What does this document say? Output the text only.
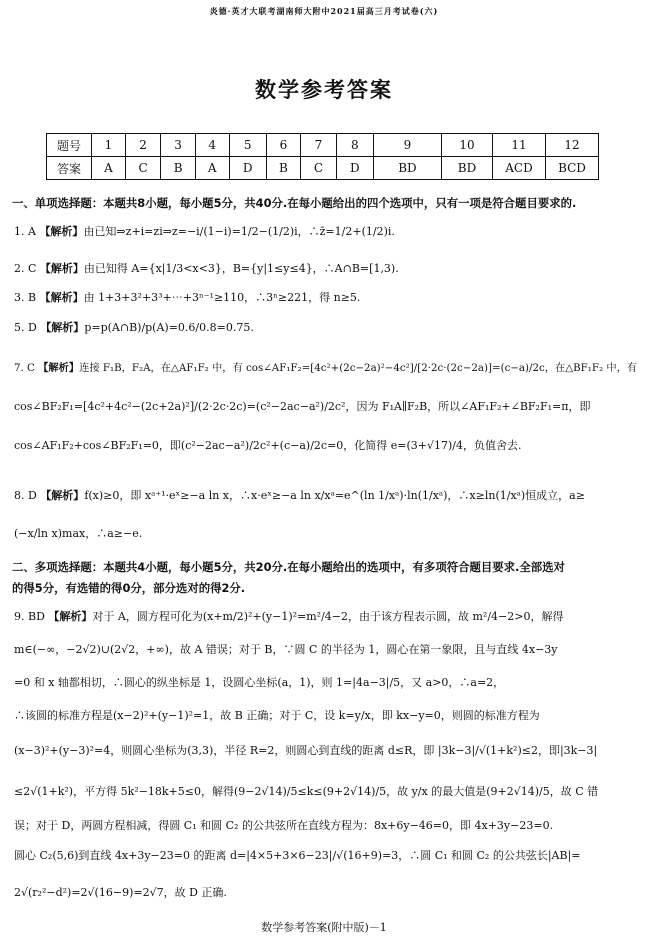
炎德·英才大联考湖南师大附中2021届高三月考试卷(六)
数学参考答案
题号	1	2	3	4	5	6	7	8	9	10	11	12
答案	A	C	B	A	D	B	C	D	BD	BD	ACD	BCD
一、单项选择题：本题共8小题，每小题5分，共40分.在每小题给出的四个选项中，只有一项是符合题目要求的.
1. A 【解析】由已知⇒z+i=zi⇒z=−i/(1−i)=1/2−(1/2)i，∴z̄=1/2+(1/2)i.
2. C 【解析】由已知得 A={x|1/3<x<3}，B={y|1≤y≤4}，∴A∩B=[1,3).
3. B 【解析】由 1+3+3²+3³+⋯+3ⁿ⁻¹≥110，∴3ⁿ≥221，得 n≥5.
5. D 【解析】p=p(A∩B)/p(A)=0.6/0.8=0.75.
7. C 【解析】连接 F₁B，F₂A，在△AF₁F₂ 中，有 cos∠AF₁F₂=[4c²+(2c−2a)²−4c²]/[2·2c·(2c−2a)]=(c−a)/2c，在△BF₁F₂ 中，有
cos∠BF₂F₁=[4c²+4c²−(2c+2a)²]/(2·2c·2c)=(c²−2ac−a²)/2c²，因为 F₁A∥F₂B，所以∠AF₁F₂+∠BF₂F₁=π，即
cos∠AF₁F₂+cos∠BF₂F₁=0，即(c²−2ac−a²)/2c²+(c−a)/2c=0，化简得 e=(3+√17)/4，负值舍去.
8. D 【解析】f(x)≥0，即 xᵃ⁺¹·eˣ≥−a ln x，∴x·eˣ≥−a ln x/xᵃ=e^(ln 1/xᵃ)·ln(1/xᵃ)，∴x≥ln(1/xᵃ)恒成立，a≥
(−x/ln x)max，∴a≥−e.
二、多项选择题：本题共4小题，每小题5分，共20分.在每小题给出的选项中，有多项符合题目要求.全部选对
的得5分，有选错的得0分，部分选对的得2分.
9. BD 【解析】对于 A，圆方程可化为(x+m/2)²+(y−1)²=m²/4−2，由于该方程表示圆，故 m²/4−2>0，解得
m∈(−∞，−2√2)∪(2√2，+∞)，故 A 错误；对于 B，∵圆 C 的半径为 1，圆心在第一象限，且与直线 4x−3y
=0 和 x 轴都相切，∴圆心的纵坐标是 1，设圆心坐标(a，1)，则 1=|4a−3|/5，又 a>0，∴a=2，
∴该圆的标准方程是(x−2)²+(y−1)²=1，故 B 正确；对于 C，设 k=y/x，即 kx−y=0，则圆的标准方程为
(x−3)²+(y−3)²=4，则圆心坐标为(3,3)，半径 R=2，则圆心到直线的距离 d≤R，即 |3k−3|/√(1+k²)≤2，即|3k−3|
≤2√(1+k²)，平方得 5k²−18k+5≤0，解得(9−2√14)/5≤k≤(9+2√14)/5，故 y/x 的最大值是(9+2√14)/5，故 C 错
误；对于 D，两圆方程相减，得圆 C₁ 和圆 C₂ 的公共弦所在直线方程为：8x+6y−46=0，即 4x+3y−23=0.
圆心 C₂(5,6)到直线 4x+3y−23=0 的距离 d=|4×5+3×6−23|/√(16+9)=3，∴圆 C₁ 和圆 C₂ 的公共弦长|AB|=
2√(r₂²−d²)=2√(16−9)=2√7，故 D 正确.
数学参考答案(附中版)－1
